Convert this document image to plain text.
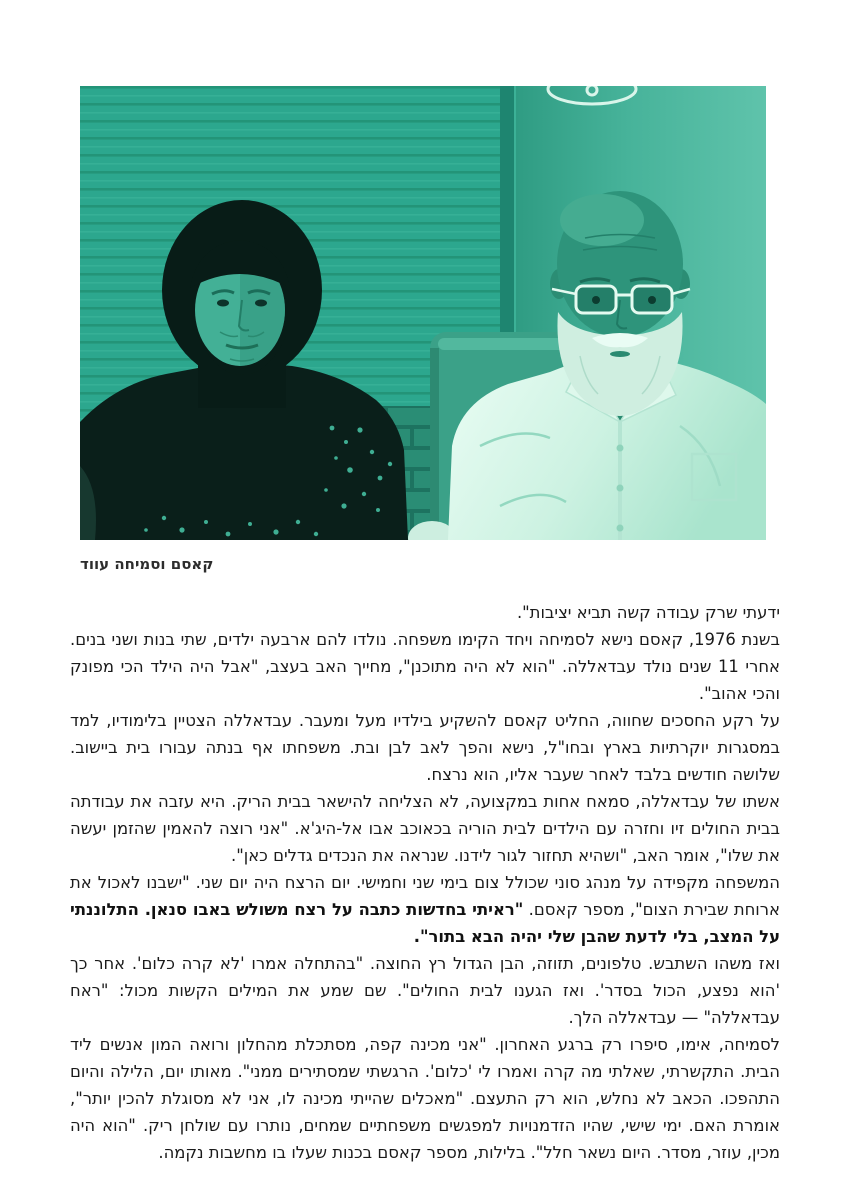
קאסם וסמיחה עווד

ידעתי שרק עבודה קשה תביא יציבות".

בשנת 1976, קאסם נישא לסמיחה ויחד הקימו משפחה. נולדו להם ארבעה ילדים, שתי בנות ושני בנים. אחרי 11 שנים נולד עבדאללה. "הוא לא היה מתוכנן", מחייך האב בעצב, "אבל היה הילד הכי מפונק והכי אהוב".

על רקע החסכים שחווה, החליט קאסם להשקיע בילדיו מעל ומעבר. עבדאללה הצטיין בלימודיו, למד במסגרות יוקרתיות בארץ ובחו"ל, נישא והפך לאב לבן ובת. משפחתו אף בנתה עבורו בית ביישוב. שלושה חודשים בלבד לאחר שעבר אליו, הוא נרצח.

אשתו של עבדאללה, סמאח אחות במקצועה, לא הצליחה להישאר בבית הריק. היא עזבה את עבודתה בבית החולים זיו וחזרה עם הילדים לבית הוריה בכאוכב אבו אל-היג'א. "אני רוצה להאמין שהזמן יעשה את שלו", אומר האב, "ושהיא תחזור לגור לידנו. שנראה את הנכדים גדלים כאן".

המשפחה מקפידה על מנהג סוני שכולל צום בימי שני וחמישי. יום הרצח היה יום שני. "ישבנו לאכול את ארוחת שבירת הצום", מספר קאסם. "ראיתי בחדשות כתבה על רצח משולש באבו סנאן. התלוננתי על המצב, בלי לדעת שהבן שלי יהיה הבא בתור".

ואז משהו השתבש. טלפונים, תזוזה, הבן הגדול רץ החוצה. "בהתחלה אמרו 'לא קרה כלום'. אחר כך 'הוא נפצע, הכול בסדר'. ואז הגענו לבית החולים". שם שמע את המילים הקשות מכול: "ראח עבדאללה" — עבדאללה הלך.

לסמיחה, אימו, סיפרו רק ברגע האחרון. "אני מכינה קפה, מסתכלת מהחלון ורואה המון אנשים ליד הבית. התקשרתי, שאלתי מה קרה ואמרו לי 'כלום'. הרגשתי שמסתירים ממני". מאותו יום, הלילה והיום התהפכו. הכאב לא נחלש, הוא רק התעצם. "מאכלים שהייתי מכינה לו, אני לא מסוגלת להכין יותר", אומרת האם. ימי שישי, שהיו הזדמנויות למפגשים משפחתיים שמחים, נותרו עם שולחן ריק. "הוא היה מכין, עוזר, מסדר. היום נשאר חלל". בלילות, מספר קאסם בכנות שעלו בו מחשבות נקמה.
